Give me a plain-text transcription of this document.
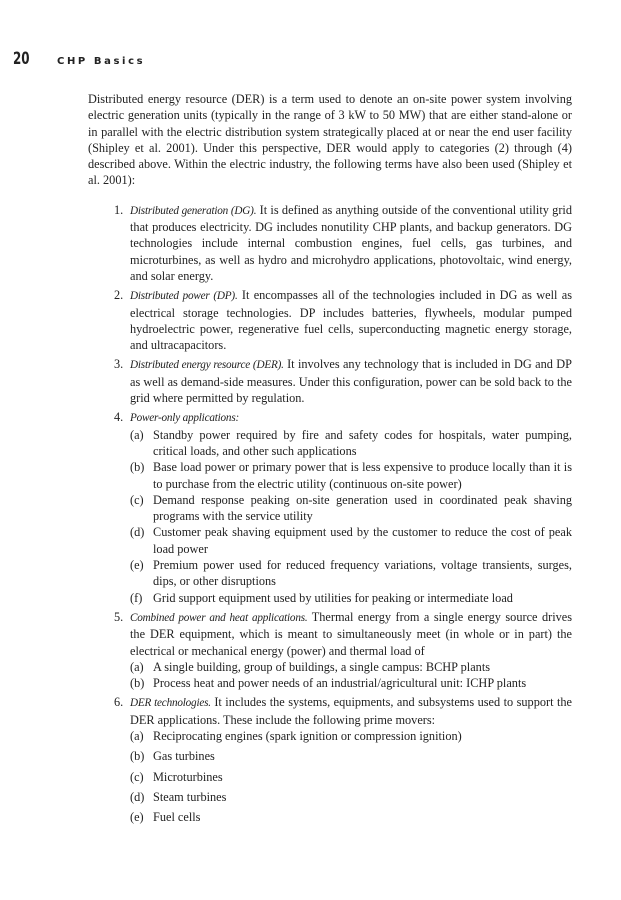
20	CHP Basics

Distributed energy resource (DER) is a term used to denote an on-site power system involving electric generation units (typically in the range of 3 kW to 50 MW) that are either stand-alone or in parallel with the electric distribution system strategically placed at or near the end user facility (Shipley et al. 2001). Under this perspective, DER would apply to categories (2) through (4) described above. Within the electric industry, the following terms have also been used (Shipley et al. 2001):

1. Distributed generation (DG). It is defined as anything outside of the conventional utility grid that produces electricity. DG includes nonutility CHP plants, and backup generators. DG technologies include internal combustion engines, fuel cells, gas turbines, and microturbines, as well as hydro and microhydro applications, photovoltaic, wind energy, and solar energy.
2. Distributed power (DP). It encompasses all of the technologies included in DG as well as electrical storage technologies. DP includes batteries, flywheels, modular pumped hydroelectric power, regenerative fuel cells, superconducting magnetic energy storage, and ultracapacitors.
3. Distributed energy resource (DER). It involves any technology that is included in DG and DP as well as demand-side measures. Under this configuration, power can be sold back to the grid where permitted by regulation.
4. Power-only applications:
(a) Standby power required by fire and safety codes for hospitals, water pumping, critical loads, and other such applications
(b) Base load power or primary power that is less expensive to produce locally than it is to purchase from the electric utility (continuous on-site power)
(c) Demand response peaking on-site generation used in coordinated peak shaving programs with the service utility
(d) Customer peak shaving equipment used by the customer to reduce the cost of peak load power
(e) Premium power used for reduced frequency variations, voltage transients, surges, dips, or other disruptions
(f) Grid support equipment used by utilities for peaking or intermediate load
5. Combined power and heat applications. Thermal energy from a single energy source drives the DER equipment, which is meant to simultaneously meet (in whole or in part) the electrical or mechanical energy (power) and thermal load of
(a) A single building, group of buildings, a single campus: BCHP plants
(b) Process heat and power needs of an industrial/agricultural unit: ICHP plants
6. DER technologies. It includes the systems, equipments, and subsystems used to support the DER applications. These include the following prime movers:
(a) Reciprocating engines (spark ignition or compression ignition)
(b) Gas turbines
(c) Microturbines
(d) Steam turbines
(e) Fuel cells
